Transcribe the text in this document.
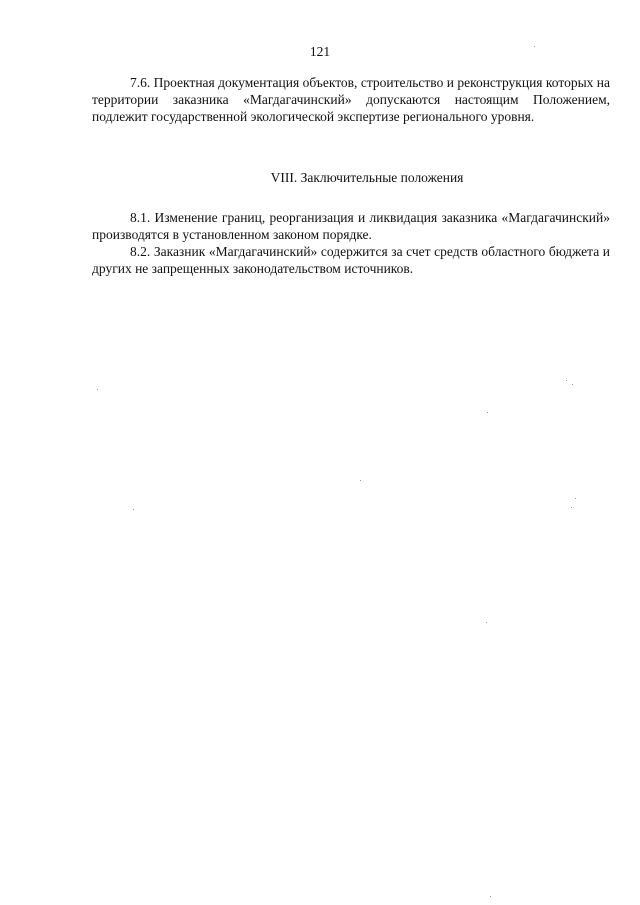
121

7.6. Проектная документация объектов, строительство и реконструкция которых на территории заказника «Магдагачинский» допускаются настоящим Положением, подлежит государственной экологической экспертизе регионального уровня.

VIII. Заключительные положения

8.1. Изменение границ, реорганизация и ликвидация заказника «Магдагачинский» производятся в установленном законом порядке.

8.2. Заказник «Магдагачинский» содержится за счет средств областного бюджета и других не запрещенных законодательством источников.
